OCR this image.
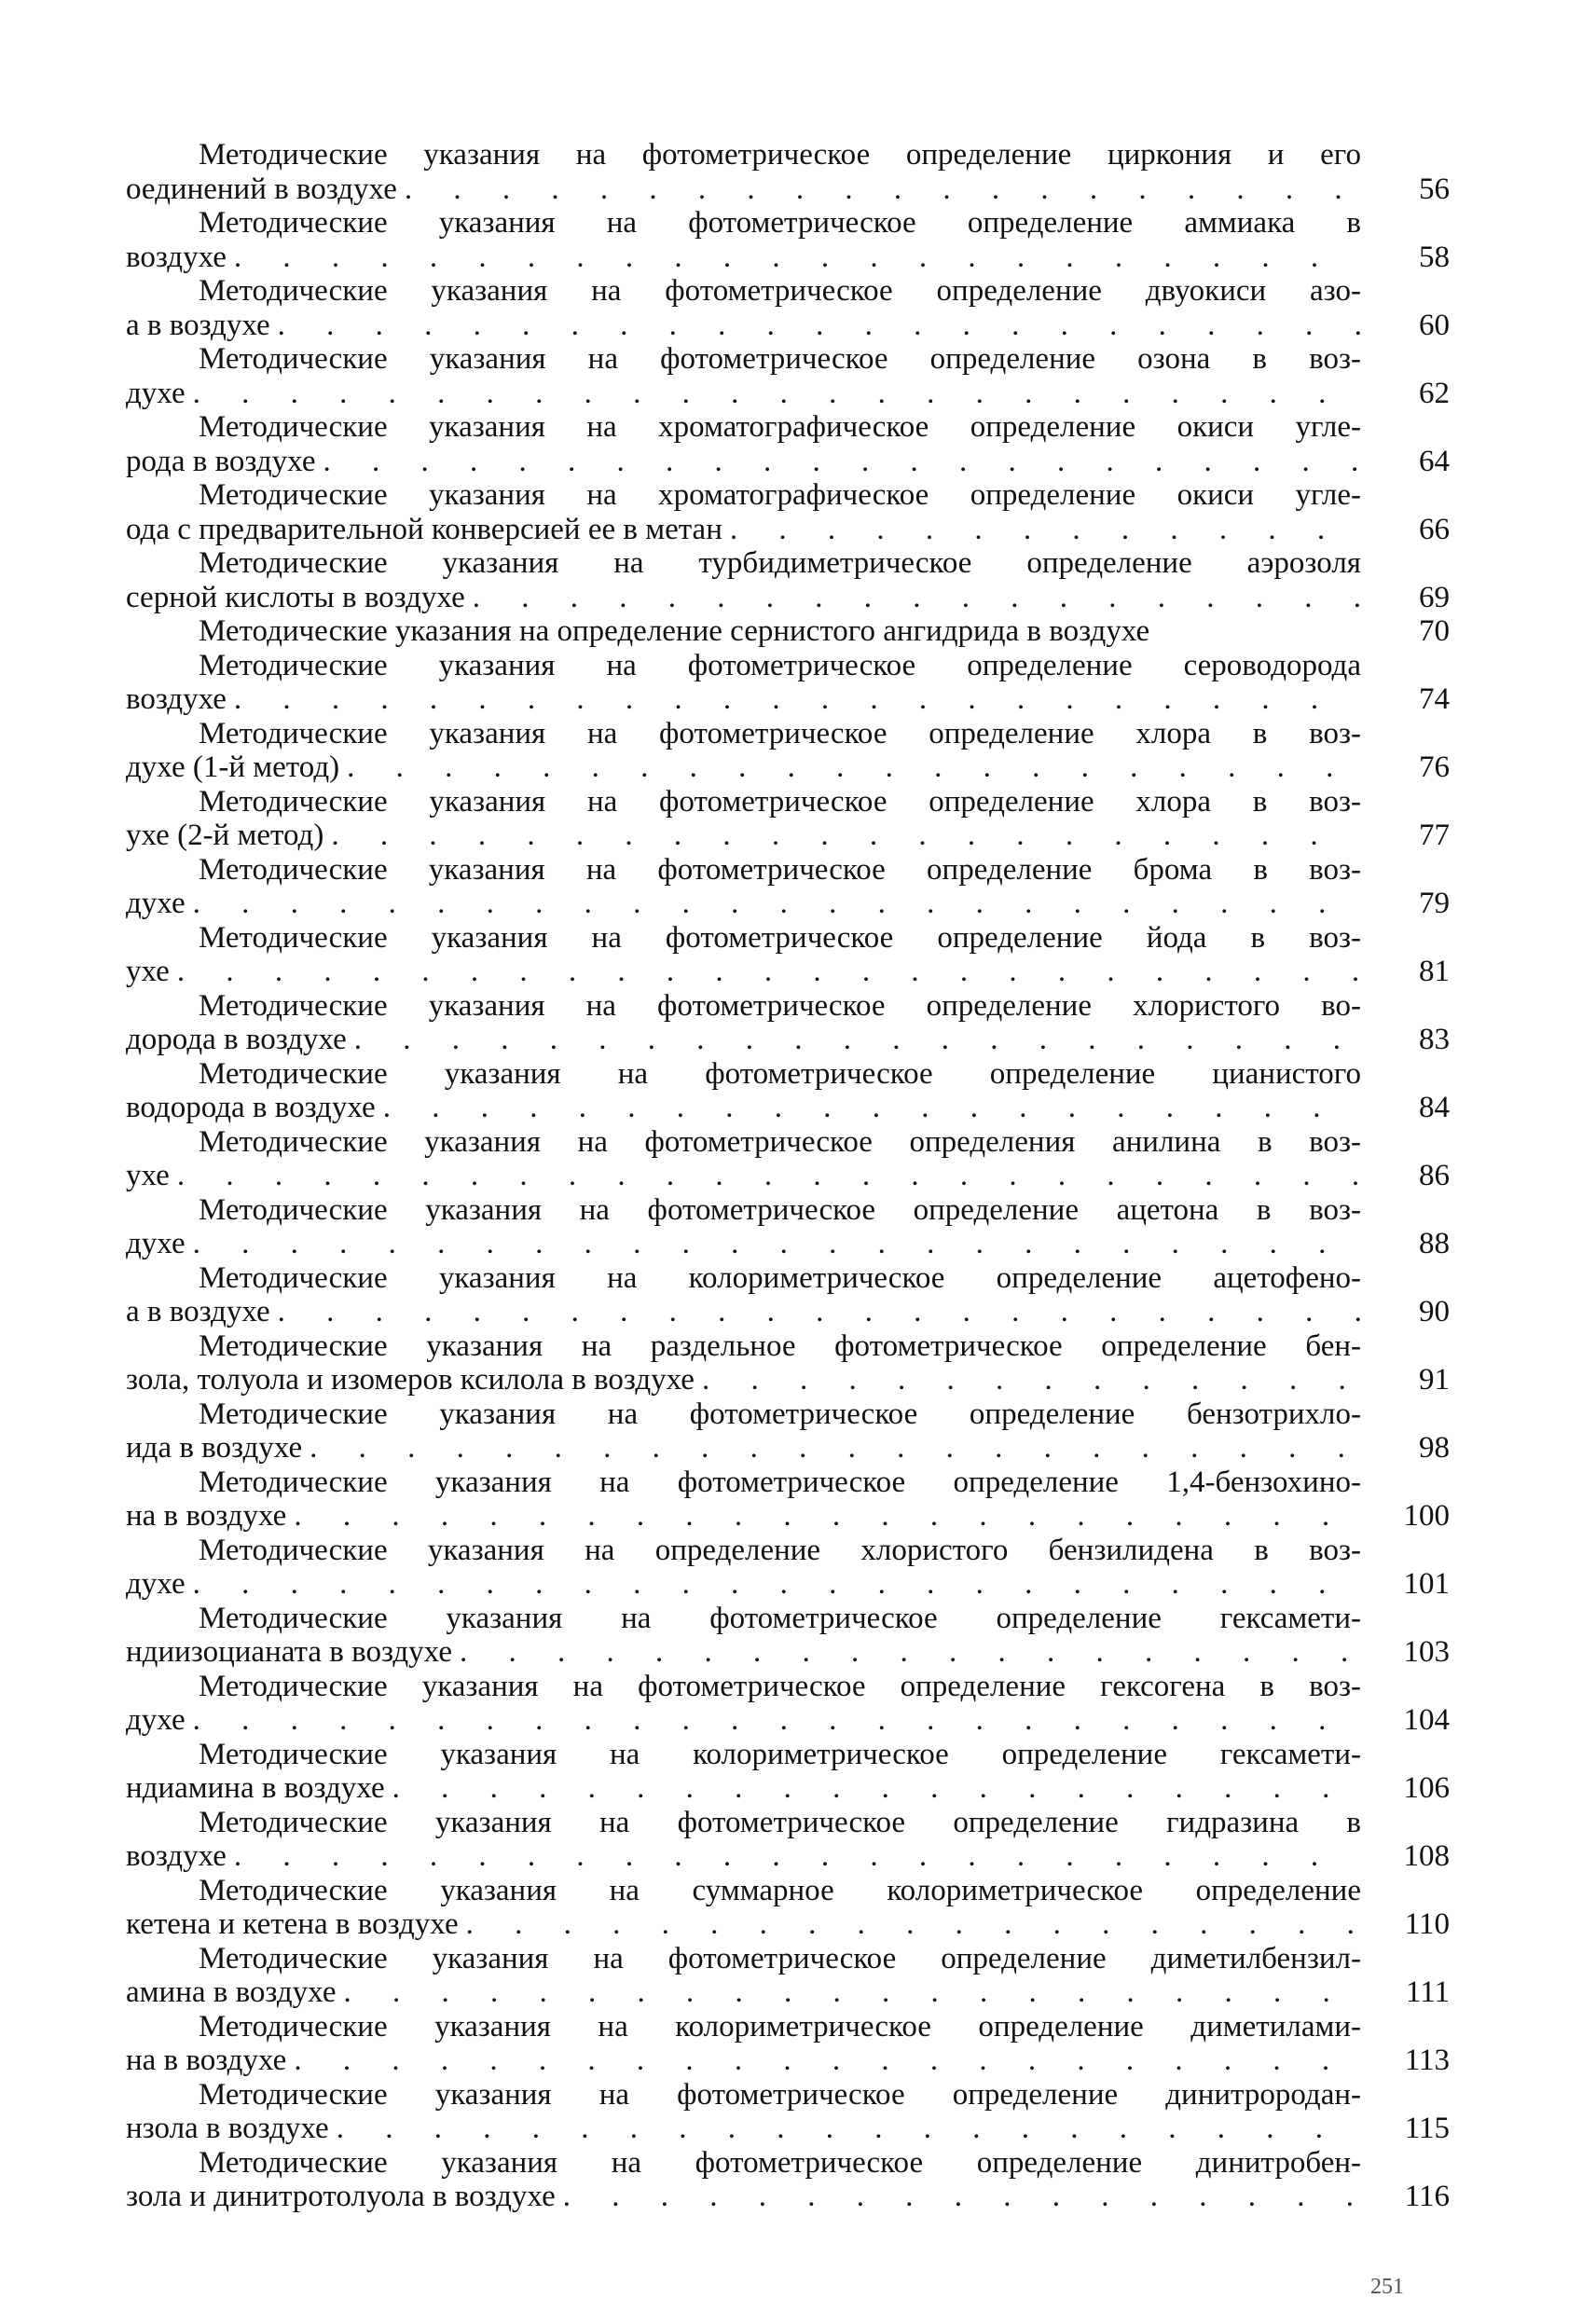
Методические указания на фотометрическое определение циркония и его
оединений в воздухе . . .	56
Методические указания на фотометрическое определение аммиака в
воздухе . . .	58
Методические указания на фотометрическое определение двуокиси азо-
а в воздухе . . .	60
Методические указания на фотометрическое определение озона в воз-
духе . . .	62
Методические указания на хроматографическое определение окиси угле-
рода в воздухе . . .	64
Методические указания на хроматографическое определение окиси угле-
ода с предварительной конверсией ее в метан . . .	66
Методические указания на турбидиметрическое определение аэрозоля
серной кислоты в воздухе . . .	69
Методические указания на определение сернистого ангидрида в воздухе	70
Методические указания на фотометрическое определение сероводорода
воздухе . . .	74
Методические указания на фотометрическое определение хлора в воз-
духе (1-й метод) . . .	76
Методические указания на фотометрическое определение хлора в воз-
ухе (2-й метод) . . .	77
Методические указания на фотометрическое определение брома в воз-
духе . . .	79
Методические указания на фотометрическое определение йода в воз-
ухе . . .	81
Методические указания на фотометрическое определение хлористого во-
дорода в воздухе . . .	83
Методические указания на фотометрическое определение цианистого
водорода в воздухе . . .	84
Методические указания на фотометрическое определения анилина в воз-
ухе . . .	86
Методические указания на фотометрическое определение ацетона в воз-
духе . . .	88
Методические указания на колориметрическое определение ацетофено-
а в воздухе . . .	90
Методические указания на раздельное фотометрическое определение бен-
зола, толуола и изомеров ксилола в воздухе . . .	91
Методические указания на фотометрическое определение бензотрихло-
ида в воздухе . . .	98
Методические указания на фотометрическое определение 1,4-бензохино-
на в воздухе . . .	100
Методические указания на определение хлористого бензилидена в воз-
духе . . .	101
Методические указания на фотометрическое определение гексамети-
ндиизоцианата в воздухе . . .	103
Методические указания на фотометрическое определение гексогена в воз-
духе . . .	104
Методические указания на колориметрическое определение гексамети-
ндиамина в воздухе . . .	106
Методические указания на фотометрическое определение гидразина в
воздухе . . .	108
Методические указания на суммарное колориметрическое определение
кетена и кетена в воздухе . . .	110
Методические указания на фотометрическое определение диметилбензил-
амина в воздухе . . .	111
Методические указания на колориметрическое определение диметилами-
на в воздухе . . .	113
Методические указания на фотометрическое определение динитрородан-
нзола в воздухе . . .	115
Методические указания на фотометрическое определение динитробен-
зола и динитротолуола в воздухе . . .	116
251
